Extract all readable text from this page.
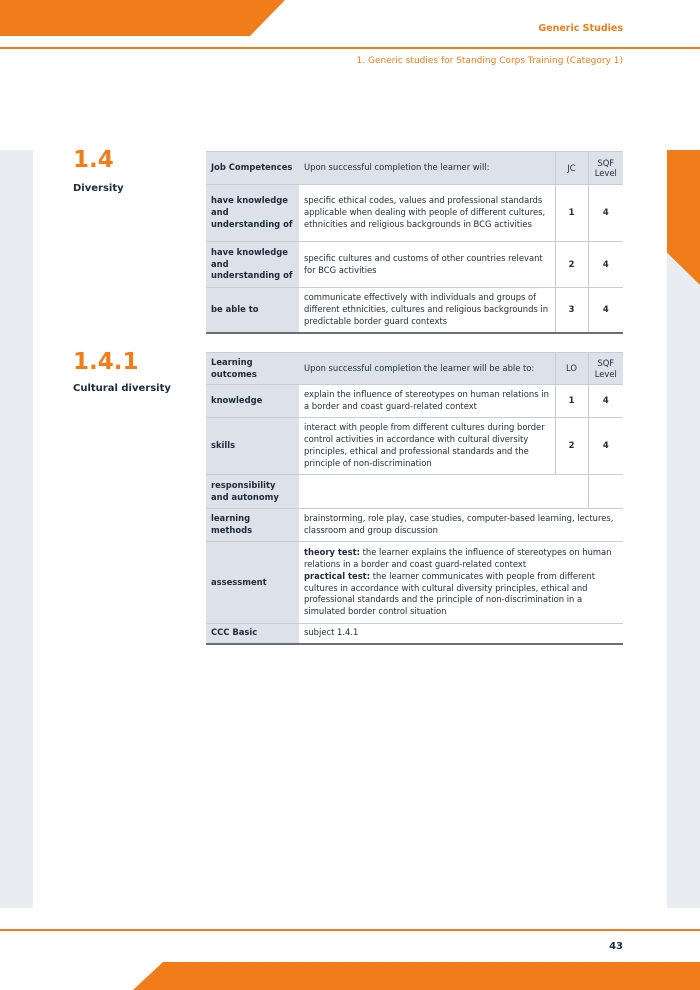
Generic Studies
1. Generic studies for Standing Corps Training (Category 1)
1.4
Diversity
Job Competences	Upon successful completion the learner will:	JC	SQF Level
have knowledge and understanding of	specific ethical codes, values and professional standards applicable when dealing with people of different cultures, ethnicities and religious backgrounds in BCG activities	1	4
have knowledge and understanding of	specific cultures and customs of other countries relevant for BCG activities	2	4
be able to	communicate effectively with individuals and groups of different ethnicities, cultures and religious backgrounds in predictable border guard contexts	3	4
1.4.1
Cultural diversity
Learning outcomes	Upon successful completion the learner will be able to:	LO	SQF Level
knowledge	explain the influence of stereotypes on human relations in a border and coast guard-related context	1	4
skills	interact with people from different cultures during border control activities in accordance with cultural diversity principles, ethical and professional standards and the principle of non-discrimination	2	4
responsibility and autonomy			
learning methods	brainstorming, role play, case studies, computer-based learning, lectures, classroom and group discussion		
assessment	theory test: the learner explains the influence of stereotypes on human relations in a border and coast guard-related context
practical test: the learner communicates with people from different cultures in accordance with cultural diversity principles, ethical and professional standards and the principle of non-discrimination in a simulated border control situation		
CCC Basic	subject 1.4.1		
43
